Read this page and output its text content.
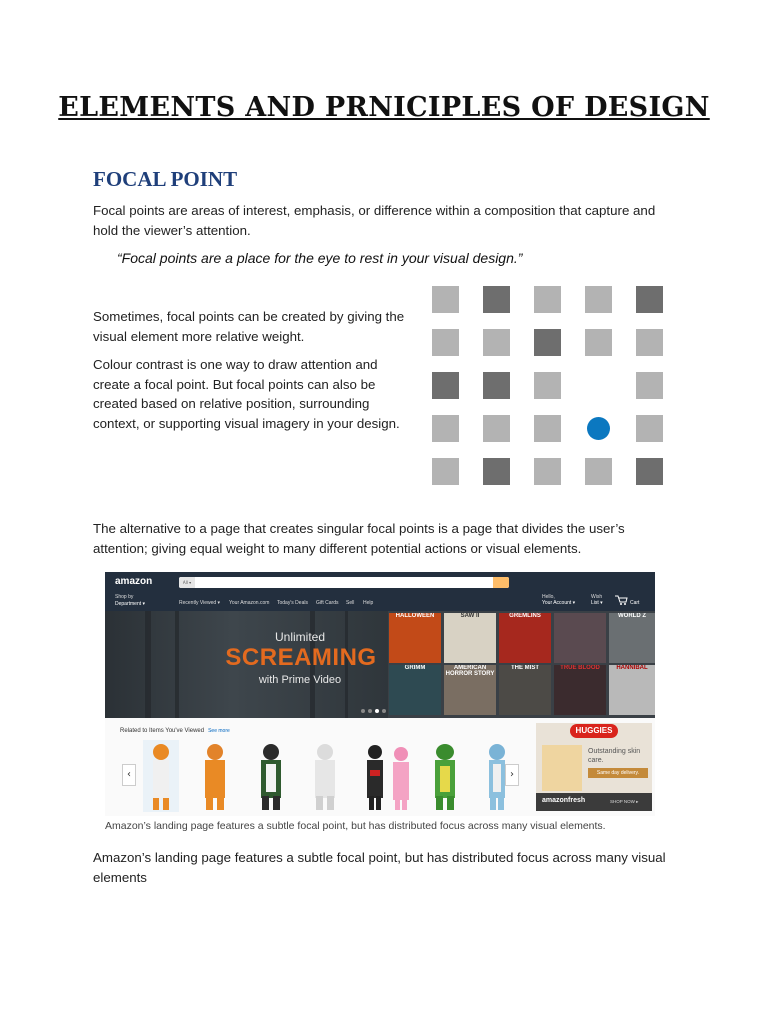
ELEMENTS AND PRNICIPLES OF DESIGN
FOCAL POINT
Focal points are areas of interest, emphasis, or difference within a composition that capture and hold the viewer’s attention.
“Focal points are a place for the eye to rest in your visual design.”
Sometimes, focal points can be created by giving the visual element more relative weight.
Colour contrast is one way to draw attention and create a focal point. But focal points can also be created based on relative position, surrounding context, or supporting visual imagery in your design.
The alternative to a page that creates singular focal points is a page that divides the user’s attention; giving equal weight to many different potential actions or visual elements.
amazon
Shop by
Department ▾
All ▾
Recently Viewed ▾ Your Amazon.com Today's Deals Gift Cards Sell Help
Hello,
Your Account ▾
Wish
List ▾	Cart
Unlimited
SCREAMING
with Prime Video
HALLOWEEN	SAW II	GREMLINS	WORLD Z
GRIMM	AMERICAN HORROR STORY
THE MIST	TRUE BLOOD	HANNIBAL
Related to Items You've Viewed See more
‹	›
HUGGIES
Outstanding skin care.
Same day delivery.
amazonfresh	SHOP NOW ▸
Amazon’s landing page features a subtle focal point, but has distributed focus across many visual elements.
Amazon’s landing page features a subtle focal point, but has distributed focus across many visual elements
